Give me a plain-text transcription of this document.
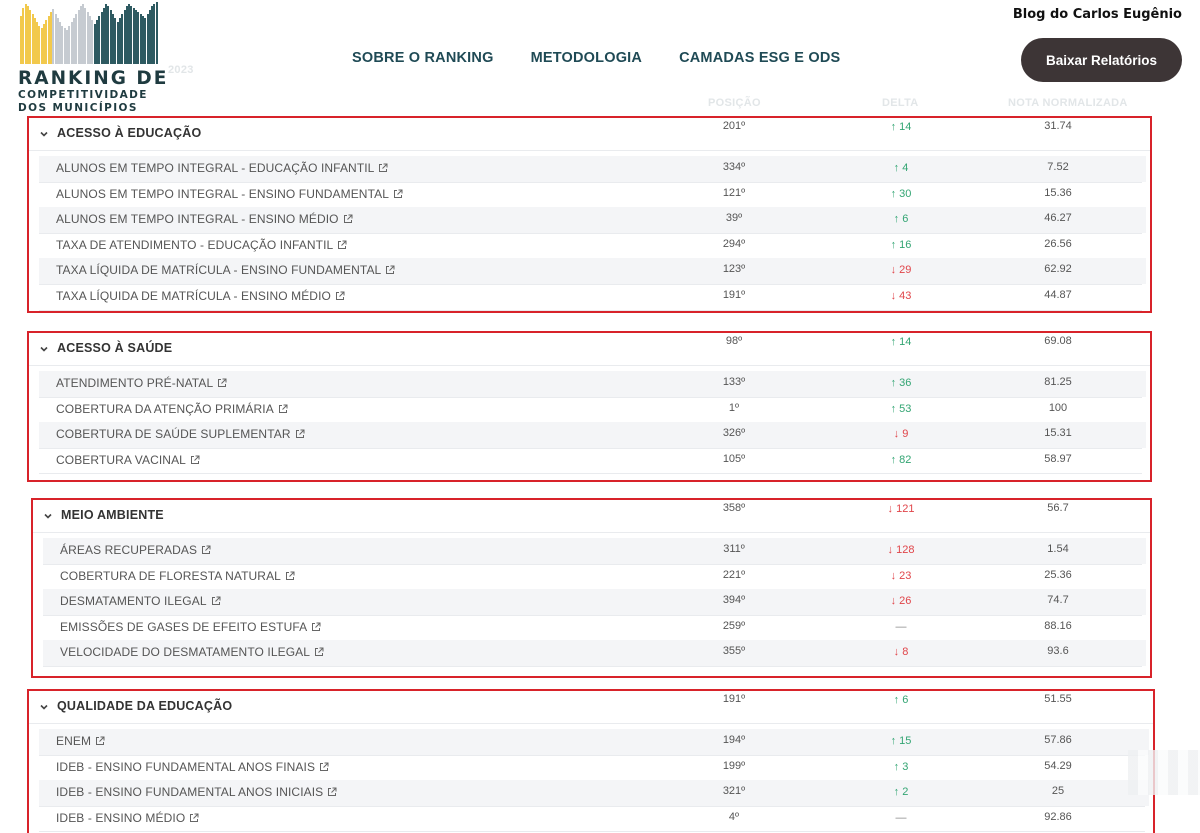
RANKING DE
COMPETITIVIDADE
DOS MUNICÍPIOS
2023
POSIÇÃO	DELTA	NOTA NORMALIZADA
SOBRE O RANKING	METODOLOGIA	CAMADAS ESG E ODS
Blog do Carlos Eugênio
Baixar Relatórios
ACESSO À EDUCAÇÃO	201º	↑ 14	31.74
ALUNOS EM TEMPO INTEGRAL - EDUCAÇÃO INFANTIL	334º	↑ 4	7.52
ALUNOS EM TEMPO INTEGRAL - ENSINO FUNDAMENTAL	121º	↑ 30	15.36
ALUNOS EM TEMPO INTEGRAL - ENSINO MÉDIO	39º	↑ 6	46.27
TAXA DE ATENDIMENTO - EDUCAÇÃO INFANTIL	294º	↑ 16	26.56
TAXA LÍQUIDA DE MATRÍCULA - ENSINO FUNDAMENTAL	123º	↓ 29	62.92
TAXA LÍQUIDA DE MATRÍCULA - ENSINO MÉDIO	191º	↓ 43	44.87
ACESSO À SAÚDE	98º	↑ 14	69.08
ATENDIMENTO PRÉ-NATAL	133º	↑ 36	81.25
COBERTURA DA ATENÇÃO PRIMÁRIA	1º	↑ 53	100
COBERTURA DE SAÚDE SUPLEMENTAR	326º	↓ 9	15.31
COBERTURA VACINAL	105º	↑ 82	58.97
MEIO AMBIENTE	358º	↓ 121	56.7
ÁREAS RECUPERADAS	311º	↓ 128	1.54
COBERTURA DE FLORESTA NATURAL	221º	↓ 23	25.36
DESMATAMENTO ILEGAL	394º	↓ 26	74.7
EMISSÕES DE GASES DE EFEITO ESTUFA	259º	—	88.16
VELOCIDADE DO DESMATAMENTO ILEGAL	355º	↓ 8	93.6
QUALIDADE DA EDUCAÇÃO	191º	↑ 6	51.55
ENEM	194º	↑ 15	57.86
IDEB - ENSINO FUNDAMENTAL ANOS FINAIS	199º	↑ 3	54.29
IDEB - ENSINO FUNDAMENTAL ANOS INICIAIS	321º	↑ 2	25
IDEB - ENSINO MÉDIO	4º	—	92.86
